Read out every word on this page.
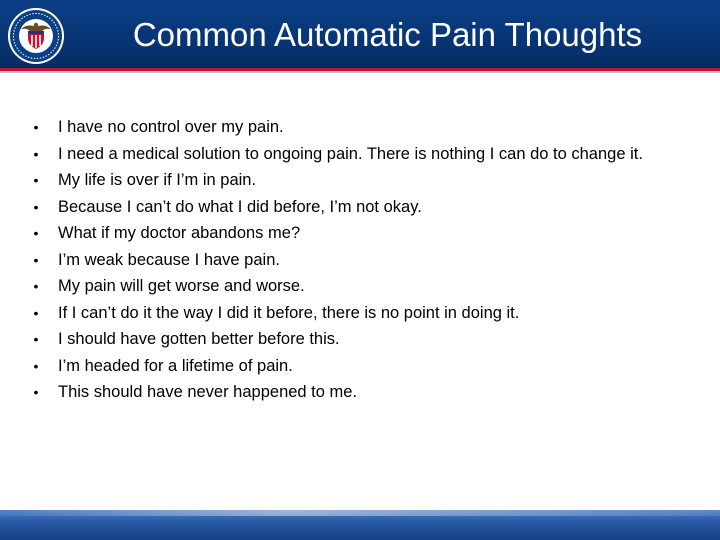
Common Automatic Pain Thoughts
• I have no control over my pain.
• I need a medical solution to ongoing pain. There is nothing I can do to change it.
• My life is over if I’m in pain.
• Because I can’t do what I did before, I’m not okay.
• What if my doctor abandons me?
• I’m weak because I have pain.
• My pain will get worse and worse.
• If I can’t do it the way I did it before, there is no point in doing it.
• I should have gotten better before this.
• I’m headed for a lifetime of pain.
• This should have never happened to me.
